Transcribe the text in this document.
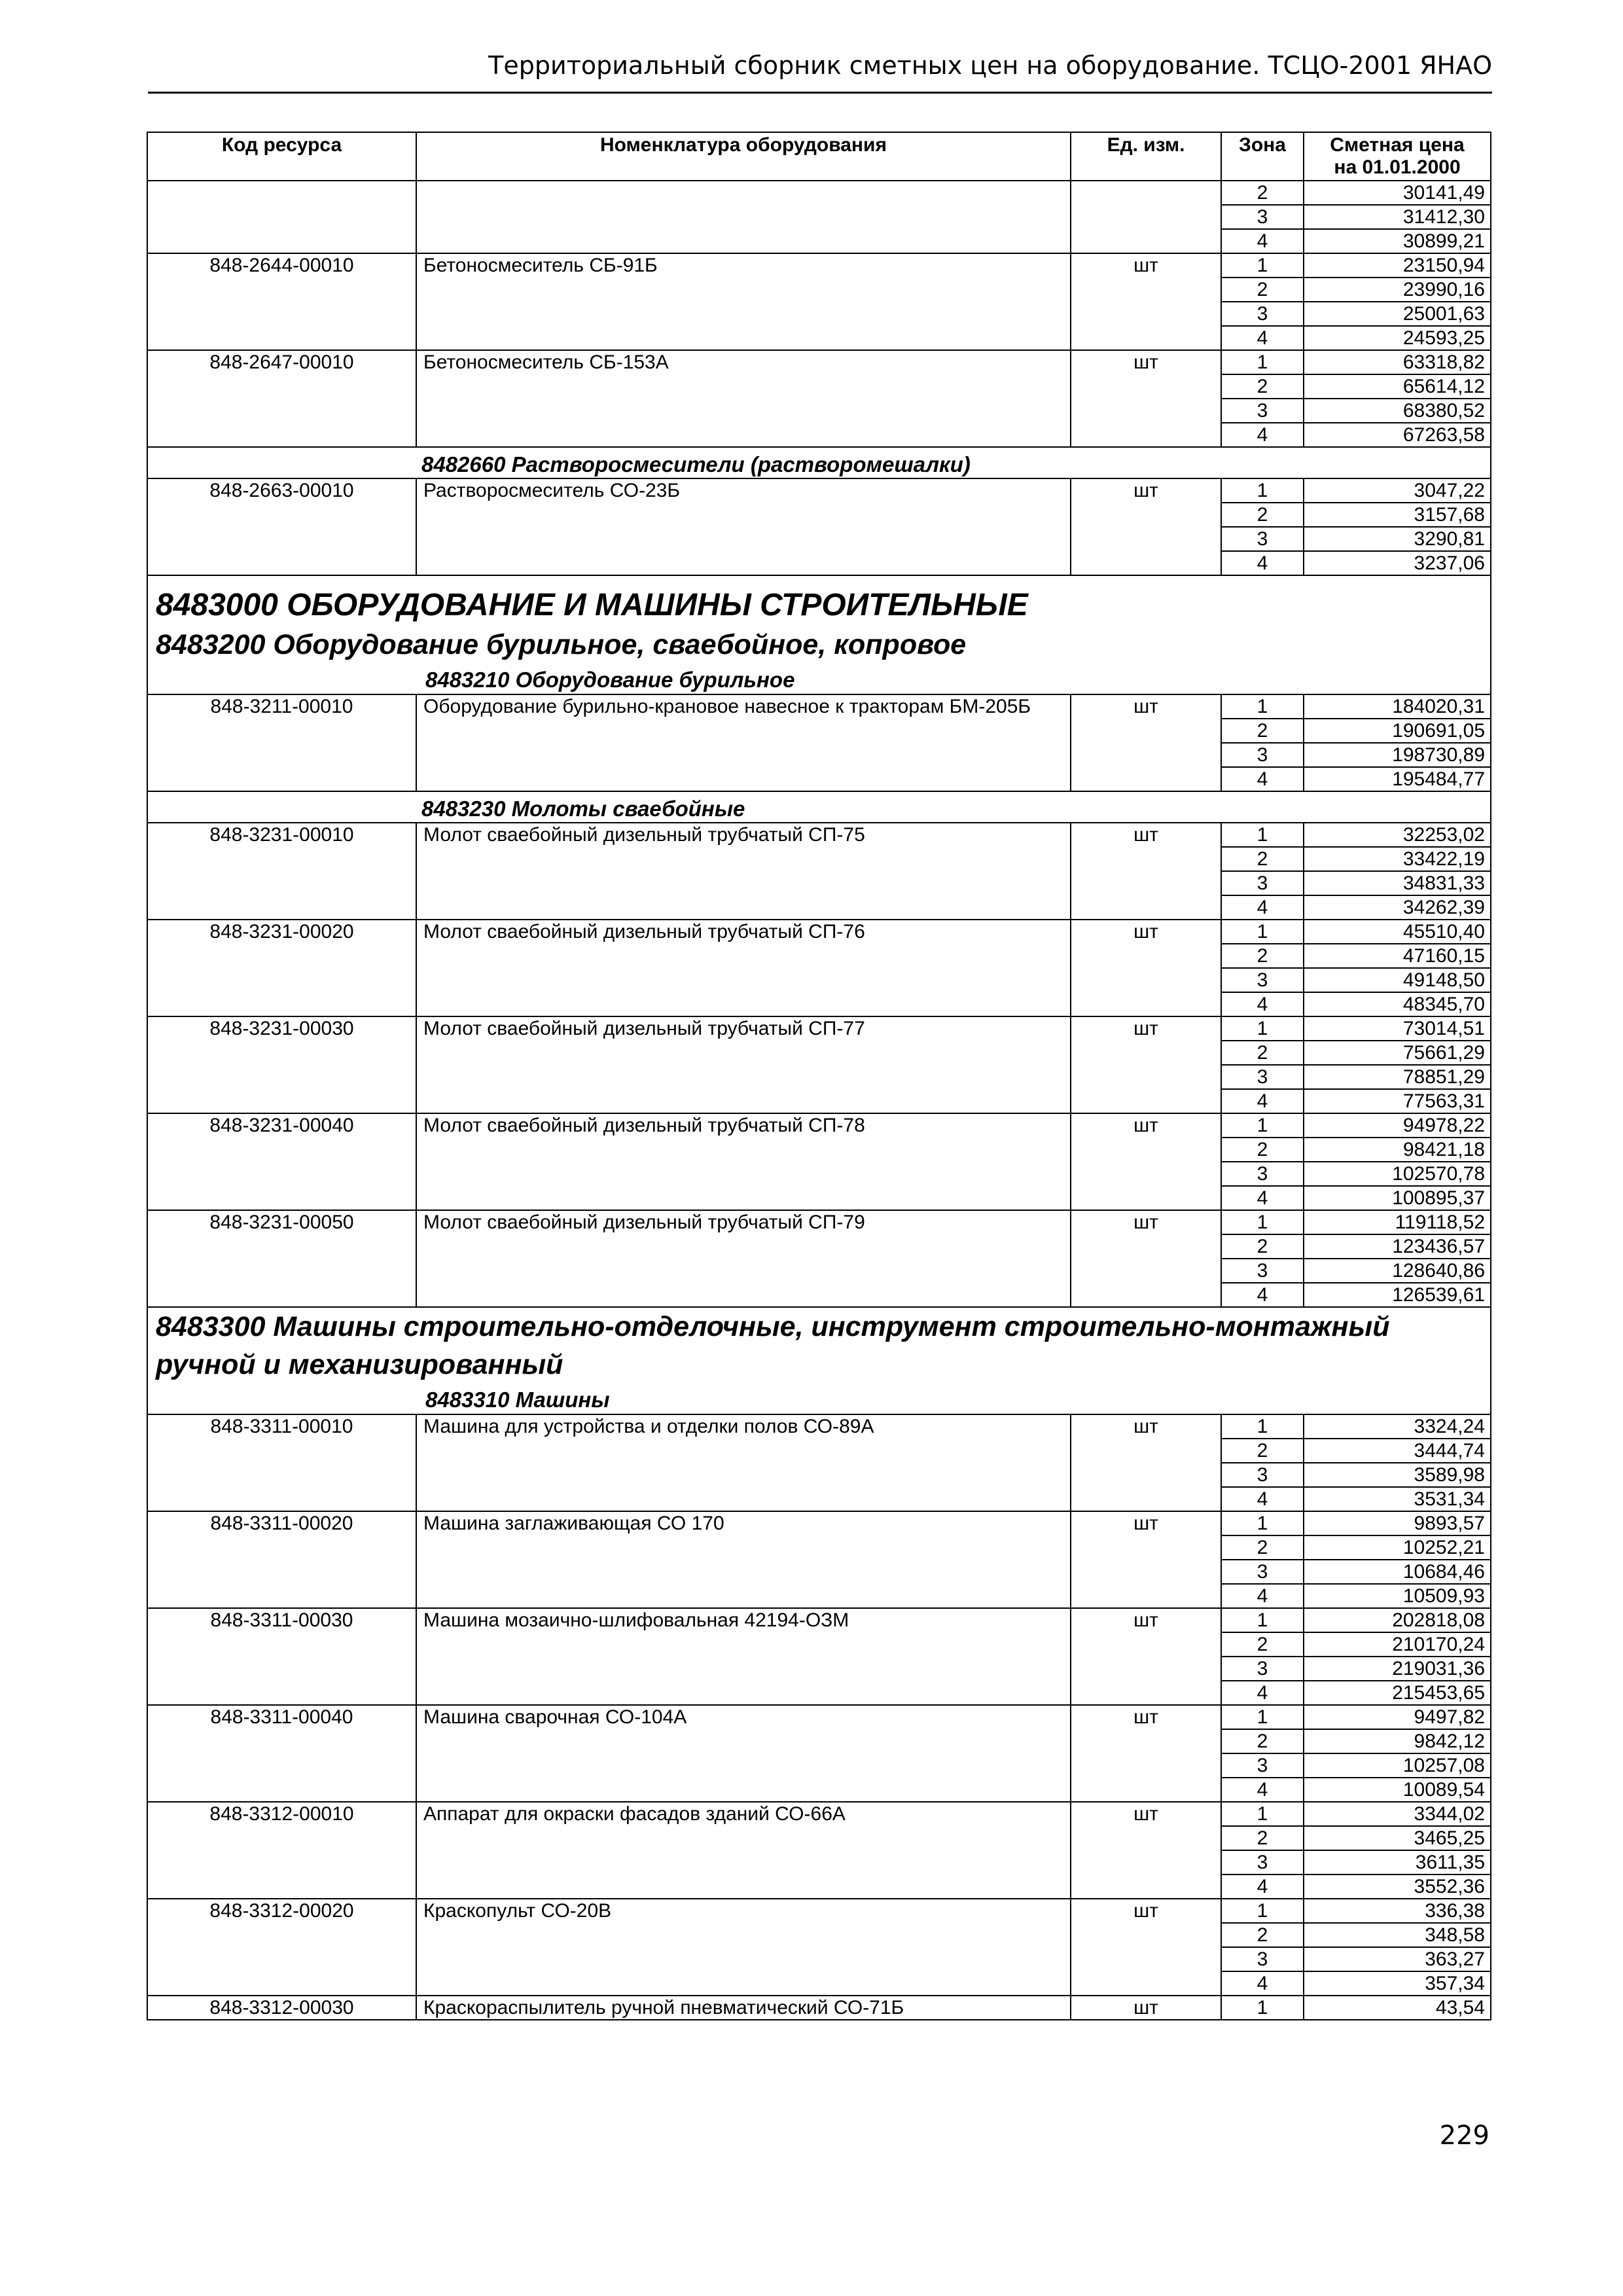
Территориальный сборник сметных цен на оборудование. ТСЦО-2001 ЯНАО
Код ресурса	Номенклатура оборудования	Ед. изм.	Зона	Сметная цена
на 01.01.2000

			2	30141,49
			3	31412,30
			4	30899,21
848-2644-00010	Бетоносмеситель СБ-91Б	шт	1	23150,94
			2	23990,16
			3	25001,63
			4	24593,25
848-2647-00010	Бетоносмеситель СБ-153А	шт	1	63318,82
			2	65614,12
			3	68380,52
			4	67263,58
8482660 Растворосмесители (растворомешалки)				
848-2663-00010	Растворосмеситель СО-23Б	шт	1	3047,22
			2	3157,68
			3	3290,81
			4	3237,06

8483000 ОБОРУДОВАНИЕ И МАШИНЫ СТРОИТЕЛЬНЫЕ
8483200 Оборудование бурильное, сваебойное, копровое
8483210 Оборудование бурильное				

848-3211-00010	Оборудование бурильно-крановое навесное к тракторам БМ-205Б	шт	1	184020,31
			2	190691,05
			3	198730,89
			4	195484,77
8483230 Молоты сваебойные				
848-3231-00010	Молот сваебойный дизельный трубчатый СП-75	шт	1	32253,02
			2	33422,19
			3	34831,33
			4	34262,39
848-3231-00020	Молот сваебойный дизельный трубчатый СП-76	шт	1	45510,40
			2	47160,15
			3	49148,50
			4	48345,70
848-3231-00030	Молот сваебойный дизельный трубчатый СП-77	шт	1	73014,51
			2	75661,29
			3	78851,29
			4	77563,31
848-3231-00040	Молот сваебойный дизельный трубчатый СП-78	шт	1	94978,22
			2	98421,18
			3	102570,78
			4	100895,37
848-3231-00050	Молот сваебойный дизельный трубчатый СП-79	шт	1	119118,52
			2	123436,57
			3	128640,86
			4	126539,61

8483300 Машины строительно-отделочные, инструмент строительно-монтажный ручной и механизированный
8483310 Машины				

848-3311-00010	Машина для устройства и отделки полов СО-89А	шт	1	3324,24
			2	3444,74
			3	3589,98
			4	3531,34
848-3311-00020	Машина заглаживающая СО 170	шт	1	9893,57
			2	10252,21
			3	10684,46
			4	10509,93
848-3311-00030	Машина мозаично-шлифовальная 42194-ОЗМ	шт	1	202818,08
			2	210170,24
			3	219031,36
			4	215453,65
848-3311-00040	Машина сварочная СО-104А	шт	1	9497,82
			2	9842,12
			3	10257,08
			4	10089,54
848-3312-00010	Аппарат для окраски фасадов зданий СО-66А	шт	1	3344,02
			2	3465,25
			3	3611,35
			4	3552,36
848-3312-00020	Краскопульт СО-20В	шт	1	336,38
			2	348,58
			3	363,27
			4	357,34
848-3312-00030	Краскораспылитель ручной пневматический СО-71Б	шт	1	43,54
229
